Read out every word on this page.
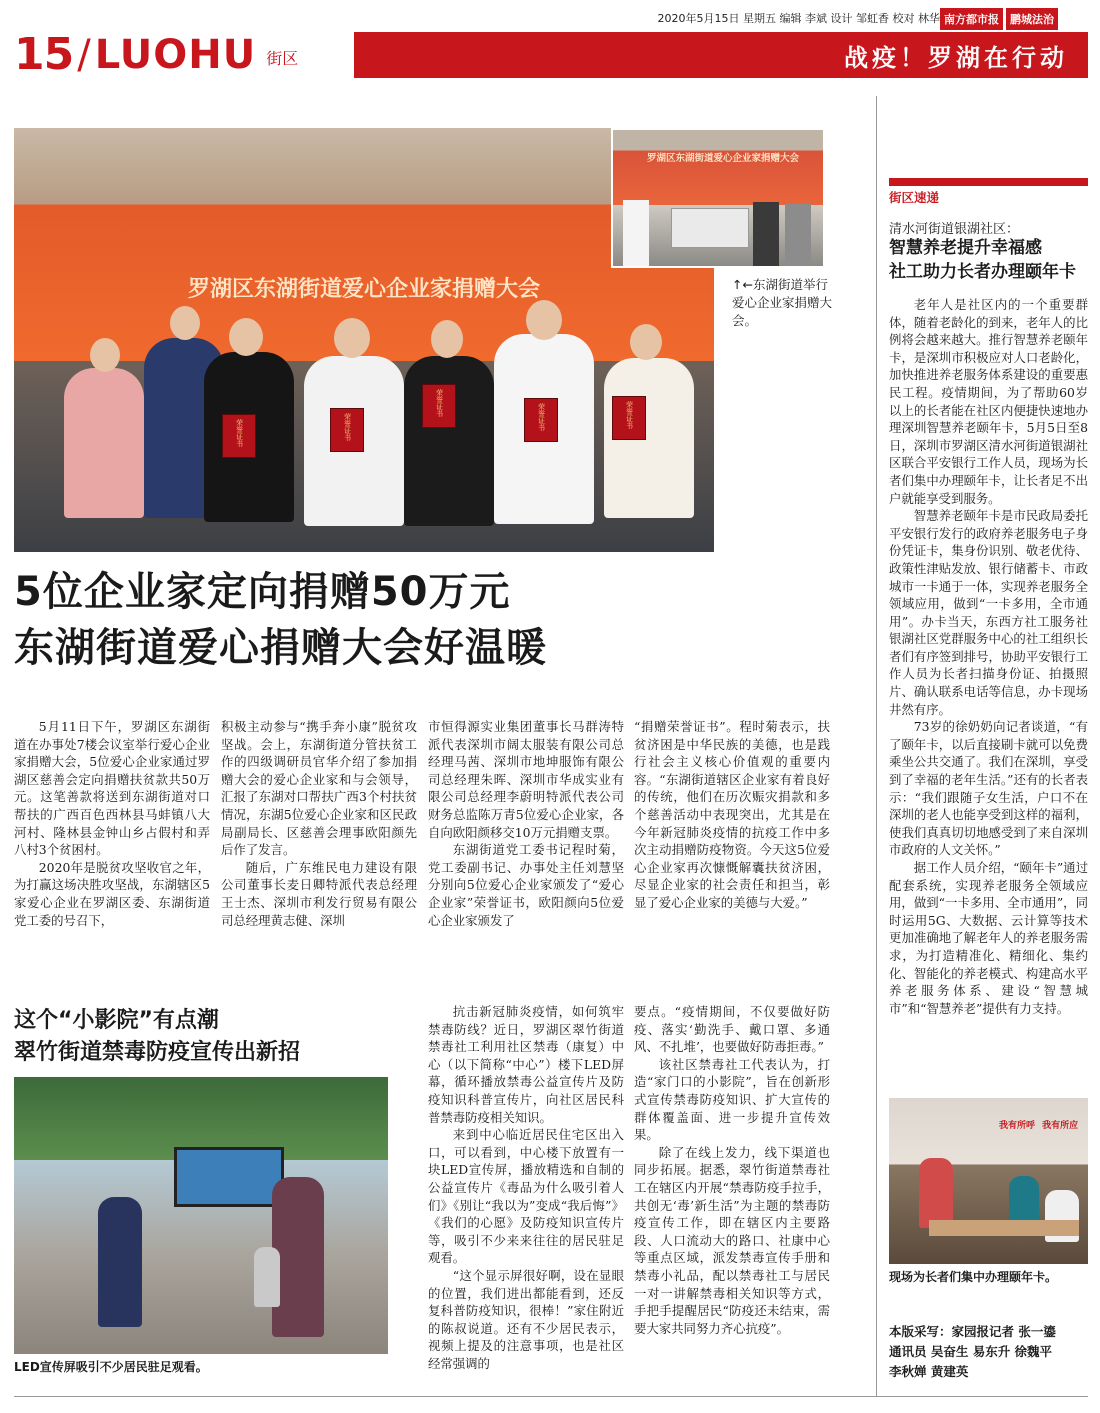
2020年5月15日 星期五 编辑 李斌 设计 邹虹香 校对 林华 南方都市报	鹏城法治
战疫！罗湖在行动
15 / LUOHU 街区
罗湖区东湖街道爱心企业家捐赠大会
荣誉证书	荣誉证书
荣誉证书	荣誉证书	荣誉证书
罗湖区东湖街道爱心企业家捐赠大会
↑←东湖街道举行爱心企业家捐赠大会。
5位企业家定向捐赠50万元
东湖街道爱心捐赠大会好温暖

5月11日下午，罗湖区东湖街道在办事处7楼会议室举行爱心企业家捐赠大会，5位爱心企业家通过罗湖区慈善会定向捐赠扶贫款共50万元。这笔善款将送到东湖街道对口帮扶的广西百色西林县马蚌镇八大河村、隆林县金钟山乡占假村和弄八村3个贫困村。

2020年是脱贫攻坚收官之年，为打赢这场决胜攻坚战，东湖辖区5家爱心企业在罗湖区委、东湖街道党工委的号召下，

积极主动参与“携手奔小康”脱贫攻坚战。会上，东湖街道分管扶贫工作的四级调研员官华介绍了参加捐赠大会的爱心企业家和与会领导，汇报了东湖对口帮扶广西3个村扶贫情况，东湖5位爱心企业家和区民政局副局长、区慈善会理事欧阳颜先后作了发言。

随后，广东维民电力建设有限公司董事长麦日卿特派代表总经理王士杰、深圳市利发行贸易有限公司总经理黄志健、深圳

市恒得源实业集团董事长马群涛特派代表深圳市阔太服装有限公司总经理马茜、深圳市地坤服饰有限公司总经理朱晖、深圳市华成实业有限公司总经理李蔚明特派代表公司财务总监陈万青5位爱心企业家，各自向欧阳颜移交10万元捐赠支票。

东湖街道党工委书记程时菊，党工委副书记、办事处主任刘慧坚分别向5位爱心企业家颁发了“爱心企业家”荣誉证书，欧阳颜向5位爱心企业家颁发了

“捐赠荣誉证书”。程时菊表示，扶贫济困是中华民族的美德，也是践行社会主义核心价值观的重要内容。“东湖街道辖区企业家有着良好的传统，他们在历次赈灾捐款和多个慈善活动中表现突出，尤其是在今年新冠肺炎疫情的抗疫工作中多次主动捐赠防疫物资。今天这5位爱心企业家再次慷慨解囊扶贫济困，尽显企业家的社会责任和担当，彰显了爱心企业家的美德与大爱。”

这个“小影院”有点潮
翠竹街道禁毒防疫宣传出新招
LED宣传屏吸引不少居民驻足观看。

抗击新冠肺炎疫情，如何筑牢禁毒防线？近日，罗湖区翠竹街道禁毒社工利用社区禁毒（康复）中心（以下简称“中心”）楼下LED屏幕，循环播放禁毒公益宣传片及防疫知识科普宣传片，向社区居民科普禁毒防疫相关知识。

来到中心临近居民住宅区出入口，可以看到，中心楼下放置有一块LED宣传屏，播放精选和自制的公益宣传片《毒品为什么吸引着人们》《别让“我以为”变成“我后悔”》《我们的心愿》及防疫知识宣传片等，吸引不少来来往往的居民驻足观看。

“这个显示屏很好啊，设在显眼的位置，我们进出都能看到，还反复科普防疫知识，很棒！”家住附近的陈叔说道。还有不少居民表示，视频上提及的注意事项，也是社区经常强调的

要点。“疫情期间，不仅要做好防疫、落实‘勤洗手、戴口罩、多通风、不扎堆’，也要做好防毒拒毒。”

该社区禁毒社工代表认为，打造“家门口的小影院”，旨在创新形式宣传禁毒防疫知识、扩大宣传的群体覆盖面、进一步提升宣传效果。

除了在线上发力，线下渠道也同步拓展。据悉，翠竹街道禁毒社工在辖区内开展“禁毒防疫手拉手，共创无‘毒’新生活”为主题的禁毒防疫宣传工作，即在辖区内主要路段、人口流动大的路口、社康中心等重点区域，派发禁毒宣传手册和禁毒小礼品，配以禁毒社工与居民一对一讲解禁毒相关知识等方式，手把手提醒居民“防疫还未结束，需要大家共同努力齐心抗疫”。

街区速递
清水河街道银湖社区：
智慧养老提升幸福感
社工助力长者办理颐年卡

老年人是社区内的一个重要群体，随着老龄化的到来，老年人的比例将会越来越大。推行智慧养老颐年卡，是深圳市积极应对人口老龄化，加快推进养老服务体系建设的重要惠民工程。疫情期间，为了帮助60岁以上的长者能在社区内便捷快速地办理深圳智慧养老颐年卡，5月5日至8日，深圳市罗湖区清水河街道银湖社区联合平安银行工作人员，现场为长者们集中办理颐年卡，让长者足不出户就能享受到服务。

智慧养老颐年卡是市民政局委托平安银行发行的政府养老服务电子身份凭证卡，集身份识别、敬老优待、政策性津贴发放、银行储蓄卡、市政城市一卡通于一体，实现养老服务全领域应用，做到“一卡多用，全市通用”。办卡当天，东西方社工服务社银湖社区党群服务中心的社工组织长者们有序签到排号，协助平安银行工作人员为长者扫描身份证、拍摄照片、确认联系电话等信息，办卡现场井然有序。

73岁的徐奶奶向记者谈道，“有了颐年卡，以后直接刷卡就可以免费乘坐公共交通了。我们在深圳，享受到了幸福的老年生活。”还有的长者表示：“我们跟随子女生活，户口不在深圳的老人也能享受到这样的福利，使我们真真切切地感受到了来自深圳市政府的人文关怀。”

据工作人员介绍，“颐年卡”通过配套系统，实现养老服务全领域应用，做到“一卡多用、全市通用”，同时运用5G、大数据、云计算等技术更加准确地了解老年人的养老服务需求，为打造精准化、精细化、集约化、智能化的养老模式、构建高水平养老服务体系、建设“智慧城市”和“智慧养老”提供有力支持。

我有所呼 我有所应
现场为长者们集中办理颐年卡。
本版采写：家园报记者 张一鎏
通讯员 吴奋生 易东升 徐魏平
李秋婵 黄建英
